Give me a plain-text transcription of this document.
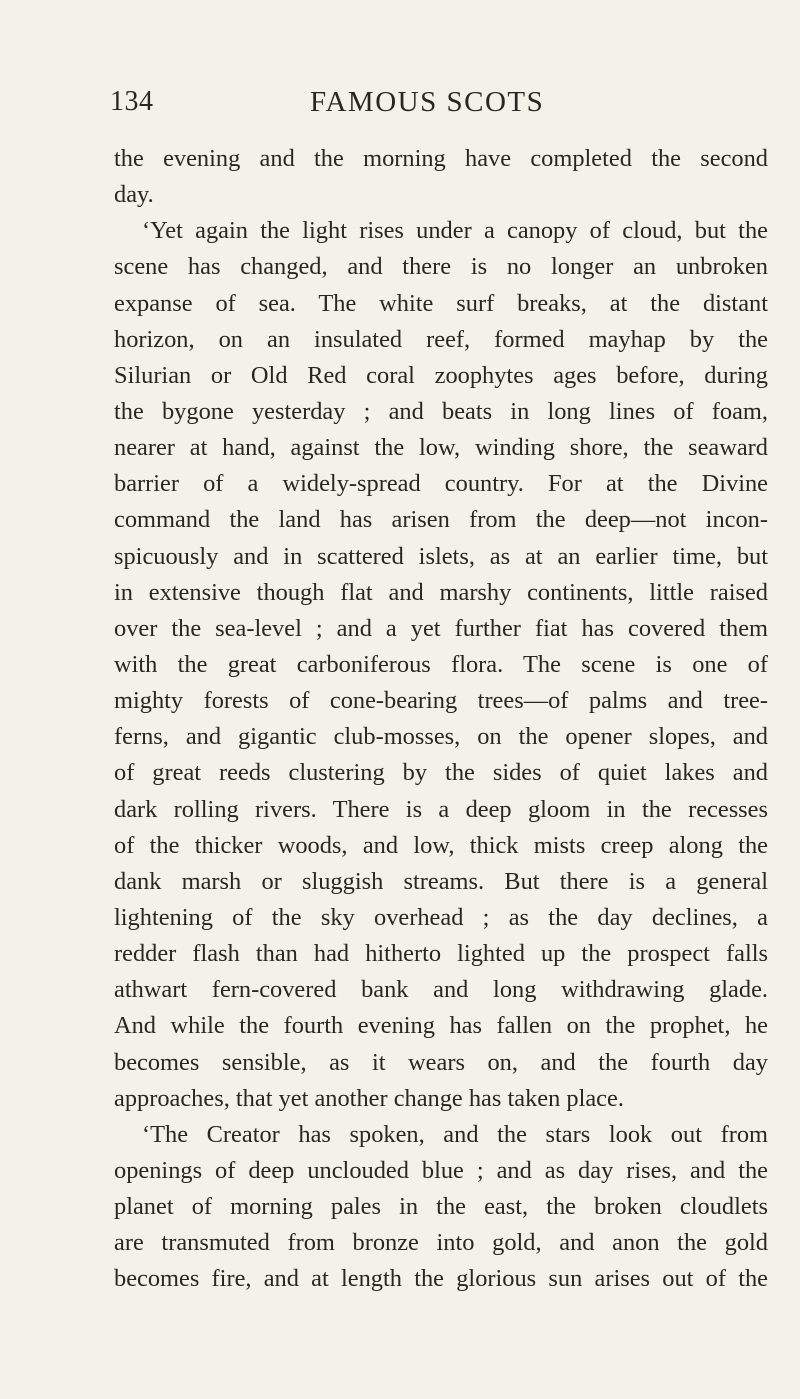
134	FAMOUS SCOTS
the evening and the morning have completed the second
day.
‘Yet again the light rises under a canopy of cloud, but the
scene has changed, and there is no longer an unbroken
expanse of sea. The white surf breaks, at the distant
horizon, on an insulated reef, formed mayhap by the
Silurian or Old Red coral zoophytes ages before, during
the bygone yesterday ; and beats in long lines of foam,
nearer at hand, against the low, winding shore, the seaward
barrier of a widely-spread country. For at the Divine
command the land has arisen from the deep—not incon-
spicuously and in scattered islets, as at an earlier time, but
in extensive though flat and marshy continents, little raised
over the sea-level ; and a yet further fiat has covered them
with the great carboniferous flora. The scene is one of
mighty forests of cone-bearing trees—of palms and tree-
ferns, and gigantic club-mosses, on the opener slopes, and
of great reeds clustering by the sides of quiet lakes and
dark rolling rivers. There is a deep gloom in the recesses
of the thicker woods, and low, thick mists creep along the
dank marsh or sluggish streams. But there is a general
lightening of the sky overhead ; as the day declines, a
redder flash than had hitherto lighted up the prospect falls
athwart fern-covered bank and long withdrawing glade.
And while the fourth evening has fallen on the prophet, he
becomes sensible, as it wears on, and the fourth day
approaches, that yet another change has taken place.
‘The Creator has spoken, and the stars look out from
openings of deep unclouded blue ; and as day rises, and the
planet of morning pales in the east, the broken cloudlets
are transmuted from bronze into gold, and anon the gold
becomes fire, and at length the glorious sun arises out of the
